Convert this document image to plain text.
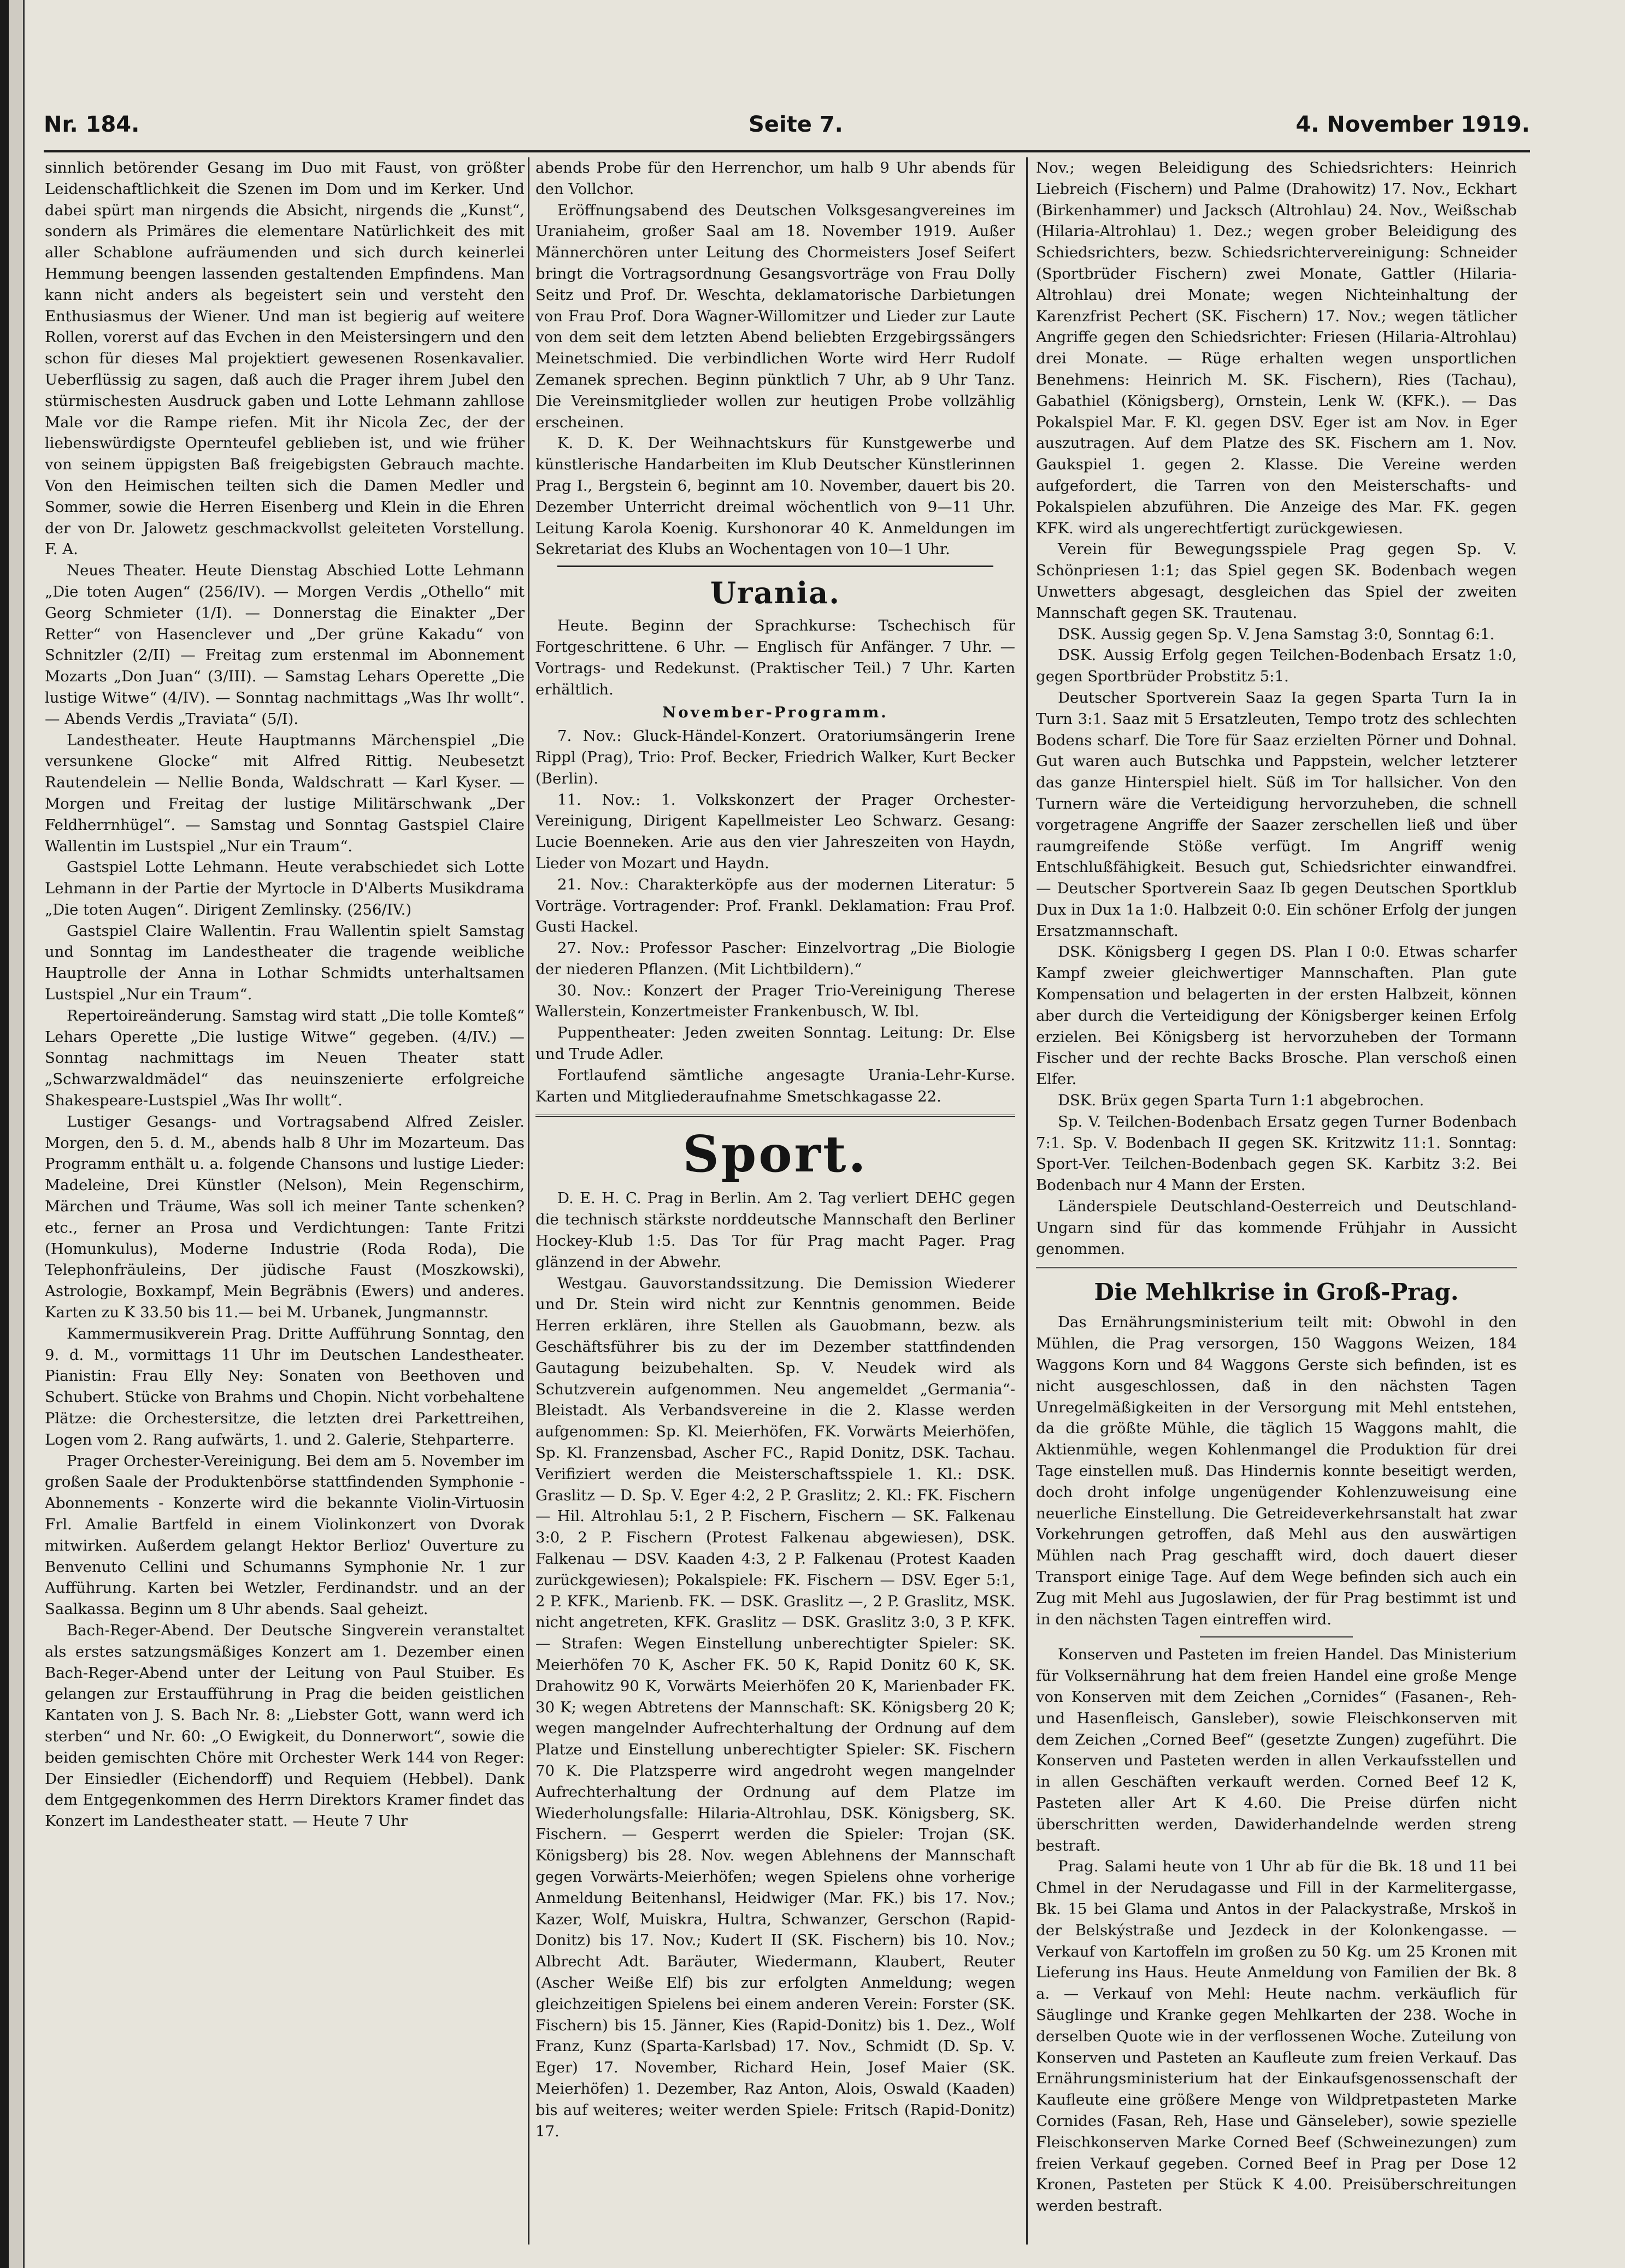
Nr. 184.	Seite 7.	4. November 1919.

sinnlich betörender Gesang im Duo mit Faust, von größter Leidenschaftlichkeit die Szenen im Dom und im Kerker. Und dabei spürt man nirgends die Absicht, nirgends die „Kunst“, sondern als Primäres die elementare Natürlichkeit des mit aller Schablone aufräumenden und sich durch keinerlei Hemmung beengen lassenden gestaltenden Empfindens. Man kann nicht anders als begeistert sein und versteht den Enthusiasmus der Wiener. Und man ist begierig auf weitere Rollen, vorerst auf das Evchen in den Meistersingern und den schon für dieses Mal projektiert gewesenen Rosenkavalier. Ueberflüssig zu sagen, daß auch die Prager ihrem Jubel den stürmischesten Ausdruck gaben und Lotte Lehmann zahllose Male vor die Rampe riefen. Mit ihr Nicola Zec, der der liebenswürdigste Opernteufel geblieben ist, und wie früher von seinem üppigsten Baß freigebigsten Gebrauch machte. Von den Heimischen teilten sich die Damen Medler und Sommer, sowie die Herren Eisenberg und Klein in die Ehren der von Dr. Jalowetz geschmackvollst geleiteten Vorstellung. F. A.

Neues Theater. Heute Dienstag Abschied Lotte Lehmann „Die toten Augen“ (256/IV). — Morgen Verdis „Othello“ mit Georg Schmieter (1/I). — Donnerstag die Einakter „Der Retter“ von Hasenclever und „Der grüne Kakadu“ von Schnitzler (2/II) — Freitag zum erstenmal im Abonnement Mozarts „Don Juan“ (3/III). — Samstag Lehars Operette „Die lustige Witwe“ (4/IV). — Sonntag nachmittags „Was Ihr wollt“. — Abends Verdis „Traviata“ (5/I).

Landestheater. Heute Hauptmanns Märchenspiel „Die versunkene Glocke“ mit Alfred Rittig. Neubesetzt Rautendelein — Nellie Bonda, Waldschratt — Karl Kyser. — Morgen und Freitag der lustige Militärschwank „Der Feldherrnhügel“. — Samstag und Sonntag Gastspiel Claire Wallentin im Lustspiel „Nur ein Traum“.

Gastspiel Lotte Lehmann. Heute verabschiedet sich Lotte Lehmann in der Partie der Myrtocle in D'Alberts Musikdrama „Die toten Augen“. Dirigent Zemlinsky. (256/IV.)

Gastspiel Claire Wallentin. Frau Wallentin spielt Samstag und Sonntag im Landestheater die tragende weibliche Hauptrolle der Anna in Lothar Schmidts unterhaltsamen Lustspiel „Nur ein Traum“.

Repertoireänderung. Samstag wird statt „Die tolle Komteß“ Lehars Operette „Die lustige Witwe“ gegeben. (4/IV.) — Sonntag nachmittags im Neuen Theater statt „Schwarzwaldmädel“ das neuinszenierte erfolgreiche Shakespeare-Lustspiel „Was Ihr wollt“.

Lustiger Gesangs- und Vortragsabend Alfred Zeisler. Morgen, den 5. d. M., abends halb 8 Uhr im Mozarteum. Das Programm enthält u. a. folgende Chansons und lustige Lieder: Madeleine, Drei Künstler (Nelson), Mein Regenschirm, Märchen und Träume, Was soll ich meiner Tante schenken? etc., ferner an Prosa und Verdichtungen: Tante Fritzi (Homunkulus), Moderne Industrie (Roda Roda), Die Telephonfräuleins, Der jüdische Faust (Moszkowski), Astrologie, Boxkampf, Mein Begräbnis (Ewers) und anderes. Karten zu K 33.50 bis 11.— bei M. Urbanek, Jungmannstr.

Kammermusikverein Prag. Dritte Aufführung Sonntag, den 9. d. M., vormittags 11 Uhr im Deutschen Landestheater. Pianistin: Frau Elly Ney: Sonaten von Beethoven und Schubert. Stücke von Brahms und Chopin. Nicht vorbehaltene Plätze: die Orchestersitze, die letzten drei Parkettreihen, Logen vom 2. Rang aufwärts, 1. und 2. Galerie, Stehparterre.

Prager Orchester-Vereinigung. Bei dem am 5. November im großen Saale der Produktenbörse stattfindenden Symphonie - Abonnements - Konzerte wird die bekannte Violin-Virtuosin Frl. Amalie Bartfeld in einem Violinkonzert von Dvorak mitwirken. Außerdem gelangt Hektor Berlioz' Ouverture zu Benvenuto Cellini und Schumanns Symphonie Nr. 1 zur Aufführung. Karten bei Wetzler, Ferdinandstr. und an der Saalkassa. Beginn um 8 Uhr abends. Saal geheizt.

Bach-Reger-Abend. Der Deutsche Singverein veranstaltet als erstes satzungsmäßiges Konzert am 1. Dezember einen Bach-Reger-Abend unter der Leitung von Paul Stuiber. Es gelangen zur Erstaufführung in Prag die beiden geistlichen Kantaten von J. S. Bach Nr. 8: „Liebster Gott, wann werd ich sterben“ und Nr. 60: „O Ewigkeit, du Donnerwort“, sowie die beiden gemischten Chöre mit Orchester Werk 144 von Reger: Der Einsiedler (Eichendorff) und Requiem (Hebbel). Dank dem Entgegenkommen des Herrn Direktors Kramer findet das Konzert im Landestheater statt. — Heute 7 Uhr

abends Probe für den Herrenchor, um halb 9 Uhr abends für den Vollchor.

Eröffnungsabend des Deutschen Volksgesangvereines im Uraniaheim, großer Saal am 18. November 1919. Außer Männerchören unter Leitung des Chormeisters Josef Seifert bringt die Vortragsordnung Gesangsvorträge von Frau Dolly Seitz und Prof. Dr. Weschta, deklamatorische Darbietungen von Frau Prof. Dora Wagner-Willomitzer und Lieder zur Laute von dem seit dem letzten Abend beliebten Erzgebirgssängers Meinetschmied. Die verbindlichen Worte wird Herr Rudolf Zemanek sprechen. Beginn pünktlich 7 Uhr, ab 9 Uhr Tanz. Die Vereinsmitglieder wollen zur heutigen Probe vollzählig erscheinen.

K. D. K. Der Weihnachtskurs für Kunstgewerbe und künstlerische Handarbeiten im Klub Deutscher Künstlerinnen Prag I., Bergstein 6, beginnt am 10. November, dauert bis 20. Dezember Unterricht dreimal wöchentlich von 9—11 Uhr. Leitung Karola Koenig. Kurshonorar 40 K. Anmeldungen im Sekretariat des Klubs an Wochentagen von 10—1 Uhr.

Urania.

Heute. Beginn der Sprachkurse: Tschechisch für Fortgeschrittene. 6 Uhr. — Englisch für Anfänger. 7 Uhr. — Vortrags- und Redekunst. (Praktischer Teil.) 7 Uhr. Karten erhältlich.

November-Programm.

7. Nov.: Gluck-Händel-Konzert. Oratoriumsängerin Irene Rippl (Prag), Trio: Prof. Becker, Friedrich Walker, Kurt Becker (Berlin).

11. Nov.: 1. Volkskonzert der Prager Orchester-Vereinigung, Dirigent Kapellmeister Leo Schwarz. Gesang: Lucie Boenneken. Arie aus den vier Jahreszeiten von Haydn, Lieder von Mozart und Haydn.

21. Nov.: Charakterköpfe aus der modernen Literatur: 5 Vorträge. Vortragender: Prof. Frankl. Deklamation: Frau Prof. Gusti Hackel.

27. Nov.: Professor Pascher: Einzelvortrag „Die Biologie der niederen Pflanzen. (Mit Lichtbildern).“

30. Nov.: Konzert der Prager Trio-Vereinigung Therese Wallerstein, Konzertmeister Frankenbusch, W. Ibl.

Puppentheater: Jeden zweiten Sonntag. Leitung: Dr. Else und Trude Adler.

Fortlaufend sämtliche angesagte Urania-Lehr-Kurse. Karten und Mitgliederaufnahme Smetschkagasse 22.

Sport.

D. E. H. C. Prag in Berlin. Am 2. Tag verliert DEHC gegen die technisch stärkste norddeutsche Mannschaft den Berliner Hockey-Klub 1:5. Das Tor für Prag macht Pager. Prag glänzend in der Abwehr.

Westgau. Gauvorstandssitzung. Die Demission Wiederer und Dr. Stein wird nicht zur Kenntnis genommen. Beide Herren erklären, ihre Stellen als Gauobmann, bezw. als Geschäftsführer bis zu der im Dezember stattfindenden Gautagung beizubehalten. Sp. V. Neudek wird als Schutzverein aufgenommen. Neu angemeldet „Germania“-Bleistadt. Als Verbandsvereine in die 2. Klasse werden aufgenommen: Sp. Kl. Meierhöfen, FK. Vorwärts Meierhöfen, Sp. Kl. Franzensbad, Ascher FC., Rapid Donitz, DSK. Tachau. Verifiziert werden die Meisterschaftsspiele 1. Kl.: DSK. Graslitz — D. Sp. V. Eger 4:2, 2 P. Graslitz; 2. Kl.: FK. Fischern — Hil. Altrohlau 5:1, 2 P. Fischern, Fischern — SK. Falkenau 3:0, 2 P. Fischern (Protest Falkenau abgewiesen), DSK. Falkenau — DSV. Kaaden 4:3, 2 P. Falkenau (Protest Kaaden zurückgewiesen); Pokalspiele: FK. Fischern — DSV. Eger 5:1, 2 P. KFK., Marienb. FK. — DSK. Graslitz —, 2 P. Graslitz, MSK. nicht angetreten, KFK. Graslitz — DSK. Graslitz 3:0, 3 P. KFK. — Strafen: Wegen Einstellung unberechtigter Spieler: SK. Meierhöfen 70 K, Ascher FK. 50 K, Rapid Donitz 60 K, SK. Drahowitz 90 K, Vorwärts Meierhöfen 20 K, Marienbader FK. 30 K; wegen Abtretens der Mannschaft: SK. Königsberg 20 K; wegen mangelnder Aufrechterhaltung der Ordnung auf dem Platze und Einstellung unberechtigter Spieler: SK. Fischern 70 K. Die Platzsperre wird angedroht wegen mangelnder Aufrechterhaltung der Ordnung auf dem Platze im Wiederholungsfalle: Hilaria-Altrohlau, DSK. Königsberg, SK. Fischern. — Gesperrt werden die Spieler: Trojan (SK. Königsberg) bis 28. Nov. wegen Ablehnens der Mannschaft gegen Vorwärts-Meierhöfen; wegen Spielens ohne vorherige Anmeldung Beitenhansl, Heidwiger (Mar. FK.) bis 17. Nov.; Kazer, Wolf, Muiskra, Hultra, Schwanzer, Gerschon (Rapid-Donitz) bis 17. Nov.; Kudert II (SK. Fischern) bis 10. Nov.; Albrecht Adt. Baräuter, Wiedermann, Klaubert, Reuter (Ascher Weiße Elf) bis zur erfolgten Anmeldung; wegen gleichzeitigen Spielens bei einem anderen Verein: Forster (SK. Fischern) bis 15. Jänner, Kies (Rapid-Donitz) bis 1. Dez., Wolf Franz, Kunz (Sparta-Karlsbad) 17. Nov., Schmidt (D. Sp. V. Eger) 17. November, Richard Hein, Josef Maier (SK. Meierhöfen) 1. Dezember, Raz Anton, Alois, Oswald (Kaaden) bis auf weiteres; weiter werden Spiele: Fritsch (Rapid-Donitz) 17.

Nov.; wegen Beleidigung des Schiedsrichters: Heinrich Liebreich (Fischern) und Palme (Drahowitz) 17. Nov., Eckhart (Birkenhammer) und Jacksch (Altrohlau) 24. Nov., Weißschab (Hilaria-Altrohlau) 1. Dez.; wegen grober Beleidigung des Schiedsrichters, bezw. Schiedsrichtervereinigung: Schneider (Sportbrüder Fischern) zwei Monate, Gattler (Hilaria-Altrohlau) drei Monate; wegen Nichteinhaltung der Karenzfrist Pechert (SK. Fischern) 17. Nov.; wegen tätlicher Angriffe gegen den Schiedsrichter: Friesen (Hilaria-Altrohlau) drei Monate. — Rüge erhalten wegen unsportlichen Benehmens: Heinrich M. SK. Fischern), Ries (Tachau), Gabathiel (Königsberg), Ornstein, Lenk W. (KFK.). — Das Pokalspiel Mar. F. Kl. gegen DSV. Eger ist am Nov. in Eger auszutragen. Auf dem Platze des SK. Fischern am 1. Nov. Gaukspiel 1. gegen 2. Klasse. Die Vereine werden aufgefordert, die Tarren von den Meisterschafts- und Pokalspielen abzuführen. Die Anzeige des Mar. FK. gegen KFK. wird als ungerechtfertigt zurückgewiesen.

Verein für Bewegungsspiele Prag gegen Sp. V. Schönpriesen 1:1; das Spiel gegen SK. Bodenbach wegen Unwetters abgesagt, desgleichen das Spiel der zweiten Mannschaft gegen SK. Trautenau.

DSK. Aussig gegen Sp. V. Jena Samstag 3:0, Sonntag 6:1.

DSK. Aussig Erfolg gegen Teilchen-Bodenbach Ersatz 1:0, gegen Sportbrüder Probstitz 5:1.

Deutscher Sportverein Saaz Ia gegen Sparta Turn Ia in Turn 3:1. Saaz mit 5 Ersatzleuten, Tempo trotz des schlechten Bodens scharf. Die Tore für Saaz erzielten Pörner und Dohnal. Gut waren auch Butschka und Pappstein, welcher letzterer das ganze Hinterspiel hielt. Süß im Tor hallsicher. Von den Turnern wäre die Verteidigung hervorzuheben, die schnell vorgetragene Angriffe der Saazer zerschellen ließ und über raumgreifende Stöße verfügt. Im Angriff wenig Entschlußfähigkeit. Besuch gut, Schiedsrichter einwandfrei. — Deutscher Sportverein Saaz Ib gegen Deutschen Sportklub Dux in Dux 1a 1:0. Halbzeit 0:0. Ein schöner Erfolg der jungen Ersatzmannschaft.

DSK. Königsberg I gegen DS. Plan I 0:0. Etwas scharfer Kampf zweier gleichwertiger Mannschaften. Plan gute Kompensation und belagerten in der ersten Halbzeit, können aber durch die Verteidigung der Königsberger keinen Erfolg erzielen. Bei Königsberg ist hervorzuheben der Tormann Fischer und der rechte Backs Brosche. Plan verschoß einen Elfer.

DSK. Brüx gegen Sparta Turn 1:1 abgebrochen.

Sp. V. Teilchen-Bodenbach Ersatz gegen Turner Bodenbach 7:1. Sp. V. Bodenbach II gegen SK. Kritzwitz 11:1. Sonntag: Sport-Ver. Teilchen-Bodenbach gegen SK. Karbitz 3:2. Bei Bodenbach nur 4 Mann der Ersten.

Länderspiele Deutschland-Oesterreich und Deutschland-Ungarn sind für das kommende Frühjahr in Aussicht genommen.

Die Mehlkrise in Groß-Prag.

Das Ernährungsministerium teilt mit: Obwohl in den Mühlen, die Prag versorgen, 150 Waggons Weizen, 184 Waggons Korn und 84 Waggons Gerste sich befinden, ist es nicht ausgeschlossen, daß in den nächsten Tagen Unregelmäßigkeiten in der Versorgung mit Mehl entstehen, da die größte Mühle, die täglich 15 Waggons mahlt, die Aktienmühle, wegen Kohlenmangel die Produktion für drei Tage einstellen muß. Das Hindernis konnte beseitigt werden, doch droht infolge ungenügender Kohlenzuweisung eine neuerliche Einstellung. Die Getreideverkehrsanstalt hat zwar Vorkehrungen getroffen, daß Mehl aus den auswärtigen Mühlen nach Prag geschafft wird, doch dauert dieser Transport einige Tage. Auf dem Wege befinden sich auch ein Zug mit Mehl aus Jugoslawien, der für Prag bestimmt ist und in den nächsten Tagen eintreffen wird.

Konserven und Pasteten im freien Handel. Das Ministerium für Volksernährung hat dem freien Handel eine große Menge von Konserven mit dem Zeichen „Cornides“ (Fasanen-, Reh- und Hasenfleisch, Gansleber), sowie Fleischkonserven mit dem Zeichen „Corned Beef“ (gesetzte Zungen) zugeführt. Die Konserven und Pasteten werden in allen Verkaufsstellen und in allen Geschäften verkauft werden. Corned Beef 12 K, Pasteten aller Art K 4.60. Die Preise dürfen nicht überschritten werden, Dawiderhandelnde werden streng bestraft.

Prag. Salami heute von 1 Uhr ab für die Bk. 18 und 11 bei Chmel in der Nerudagasse und Fill in der Karmelitergasse, Bk. 15 bei Glama und Antos in der Palackystraße, Mrskoš in der Belskýstraße und Jezdeck in der Kolonkengasse. — Verkauf von Kartoffeln im großen zu 50 Kg. um 25 Kronen mit Lieferung ins Haus. Heute Anmeldung von Familien der Bk. 8 a. — Verkauf von Mehl: Heute nachm. verkäuflich für Säuglinge und Kranke gegen Mehlkarten der 238. Woche in derselben Quote wie in der verflossenen Woche. Zuteilung von Konserven und Pasteten an Kaufleute zum freien Verkauf. Das Ernährungsministerium hat der Einkaufsgenossenschaft der Kaufleute eine größere Menge von Wildpretpasteten Marke Cornides (Fasan, Reh, Hase und Gänseleber), sowie spezielle Fleischkonserven Marke Corned Beef (Schweinezungen) zum freien Verkauf gegeben. Corned Beef in Prag per Dose 12 Kronen, Pasteten per Stück K 4.00. Preisüberschreitungen werden bestraft.
